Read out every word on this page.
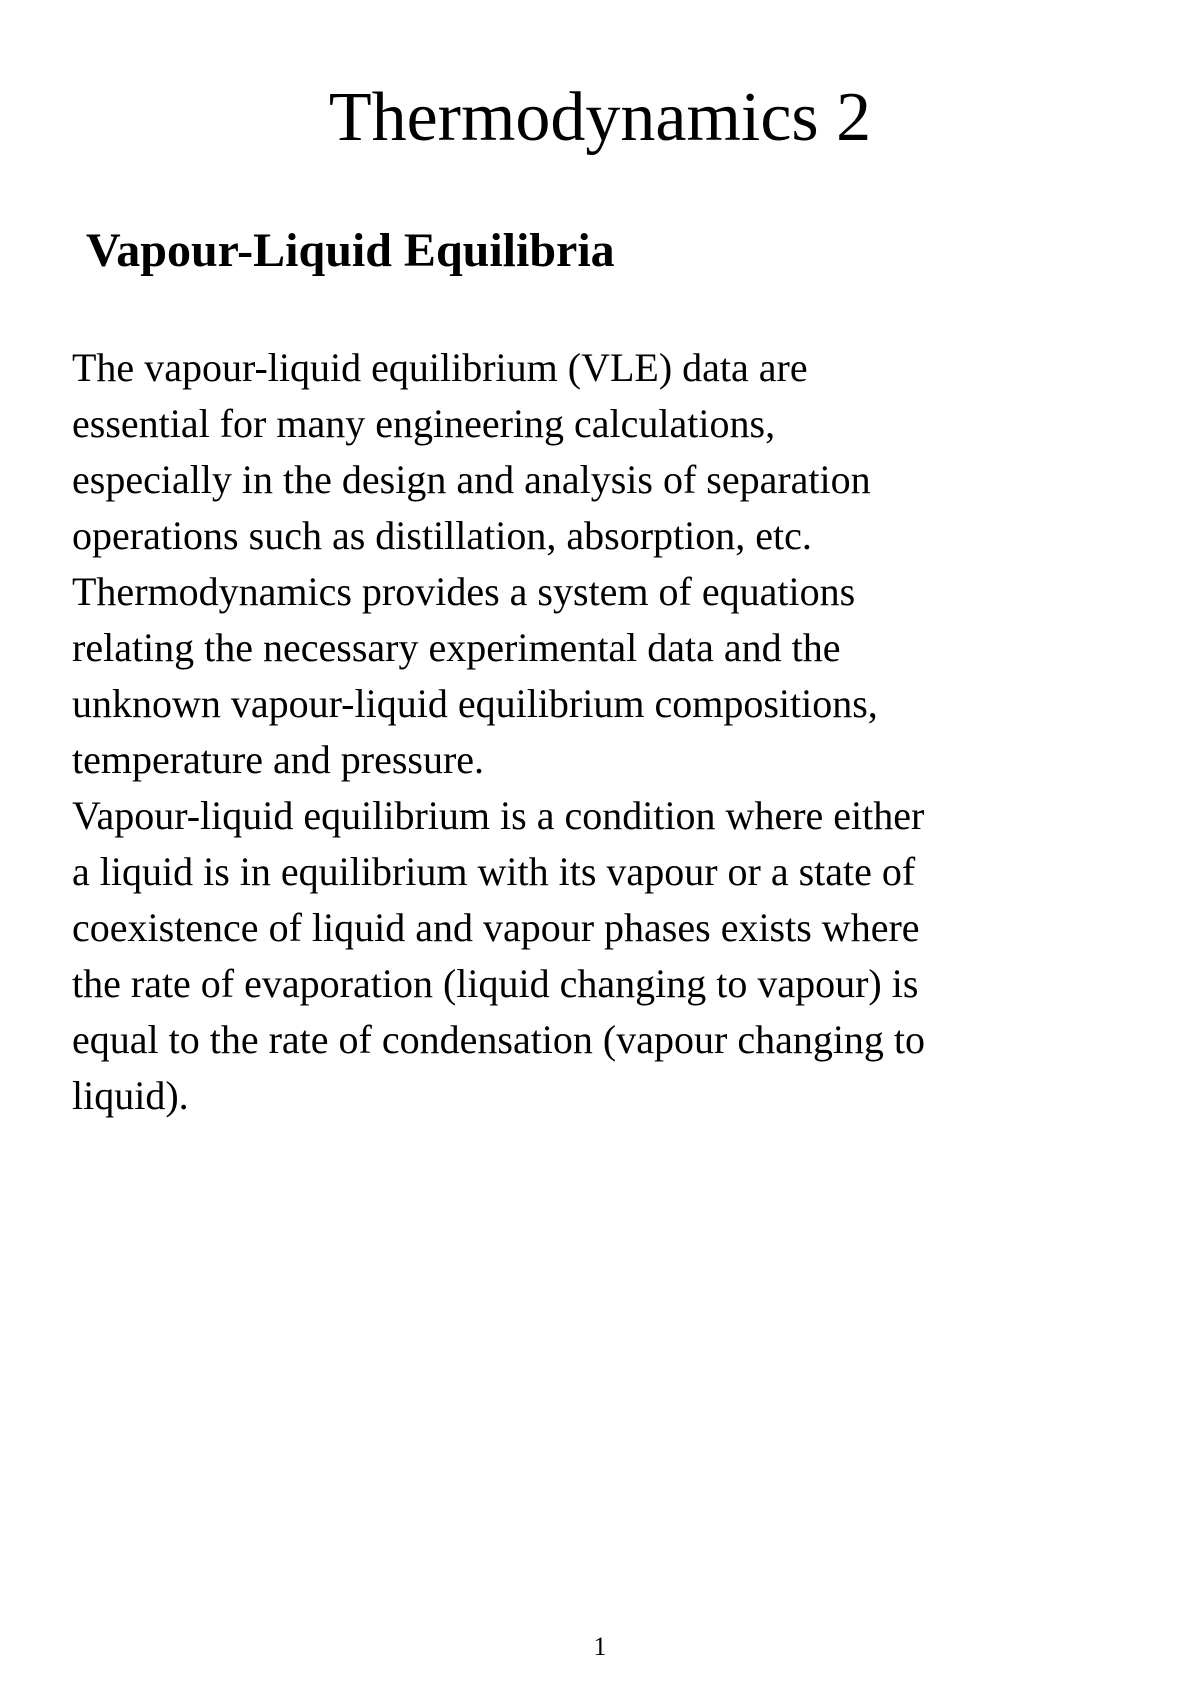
Thermodynamics 2
Vapour-Liquid Equilibria
The vapour-liquid equilibrium (VLE) data are
essential for many engineering calculations,
especially in the design and analysis of separation
operations such as distillation, absorption, etc.
Thermodynamics provides a system of equations
relating the necessary experimental data and the
unknown vapour-liquid equilibrium compositions,
temperature and pressure.
Vapour-liquid equilibrium is a condition where either
a liquid is in equilibrium with its vapour or a state of
coexistence of liquid and vapour phases exists where
the rate of evaporation (liquid changing to vapour) is
equal to the rate of condensation (vapour changing to
liquid).
1
